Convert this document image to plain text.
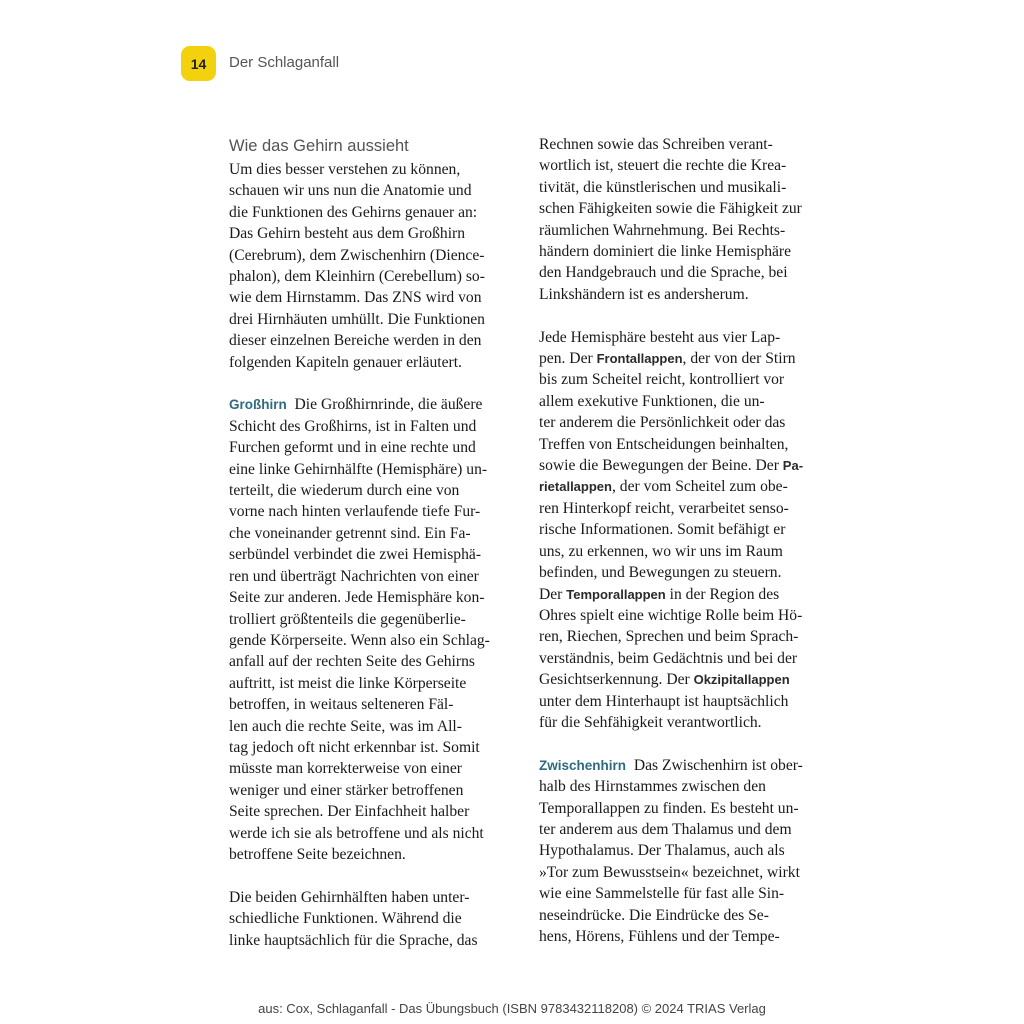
14 Der Schlaganfall
Wie das Gehirn aussieht
Um dies besser verstehen zu können,
schauen wir uns nun die Anatomie und
die Funktionen des Gehirns genauer an:
Das Gehirn besteht aus dem Großhirn
(Cerebrum), dem Zwischenhirn (Dience-
phalon), dem Kleinhirn (Cerebellum) so-
wie dem Hirnstamm. Das ZNS wird von
drei Hirnhäuten umhüllt. Die Funktionen
dieser einzelnen Bereiche werden in den
folgenden Kapiteln genauer erläutert.
Großhirn Die Großhirnrinde, die äußere
Schicht des Großhirns, ist in Falten und
Furchen geformt und in eine rechte und
eine linke Gehirnhälfte (Hemisphäre) un-
terteilt, die wiederum durch eine von
vorne nach hinten verlaufende tiefe Fur-
che voneinander getrennt sind. Ein Fa-
serbündel verbindet die zwei Hemisphä-
ren und überträgt Nachrichten von einer
Seite zur anderen. Jede Hemisphäre kon-
trolliert größtenteils die gegenüberlie-
gende Körperseite. Wenn also ein Schlag-
anfall auf der rechten Seite des Gehirns
auftritt, ist meist die linke Körperseite
betroffen, in weitaus selteneren Fäl-
len auch die rechte Seite, was im All-
tag jedoch oft nicht erkennbar ist. Somit
müsste man korrekterweise von einer
weniger und einer stärker betroffenen
Seite sprechen. Der Einfachheit halber
werde ich sie als betroffene und als nicht
betroffene Seite bezeichnen.
Die beiden Gehirnhälften haben unter-
schiedliche Funktionen. Während die
linke hauptsächlich für die Sprache, das
Rechnen sowie das Schreiben verant-
wortlich ist, steuert die rechte die Krea-
tivität, die künstlerischen und musikali-
schen Fähigkeiten sowie die Fähigkeit zur
räumlichen Wahrnehmung. Bei Rechts-
händern dominiert die linke Hemisphäre
den Handgebrauch und die Sprache, bei
Linkshändern ist es andersherum.
Jede Hemisphäre besteht aus vier Lap-
pen. Der Frontallappen, der von der Stirn
bis zum Scheitel reicht, kontrolliert vor
allem exekutive Funktionen, die un-
ter anderem die Persönlichkeit oder das
Treffen von Entscheidungen beinhalten,
sowie die Bewegungen der Beine. Der Pa-
rietallappen, der vom Scheitel zum obe-
ren Hinterkopf reicht, verarbeitet senso-
rische Informationen. Somit befähigt er
uns, zu erkennen, wo wir uns im Raum
befinden, und Bewegungen zu steuern.
Der Temporallappen in der Region des
Ohres spielt eine wichtige Rolle beim Hö-
ren, Riechen, Sprechen und beim Sprach-
verständnis, beim Gedächtnis und bei der
Gesichtserkennung. Der Okzipitallappen
unter dem Hinterhaupt ist hauptsächlich
für die Sehfähigkeit verantwortlich.
Zwischenhirn Das Zwischenhirn ist ober-
halb des Hirnstammes zwischen den
Temporallappen zu finden. Es besteht un-
ter anderem aus dem Thalamus und dem
Hypothalamus. Der Thalamus, auch als
»Tor zum Bewusstsein« bezeichnet, wirkt
wie eine Sammelstelle für fast alle Sin-
neseindrücke. Die Eindrücke des Se-
hens, Hörens, Fühlens und der Tempe-
aus: Cox, Schlaganfall - Das Übungsbuch (ISBN 9783432118208) © 2024 TRIAS Verlag
